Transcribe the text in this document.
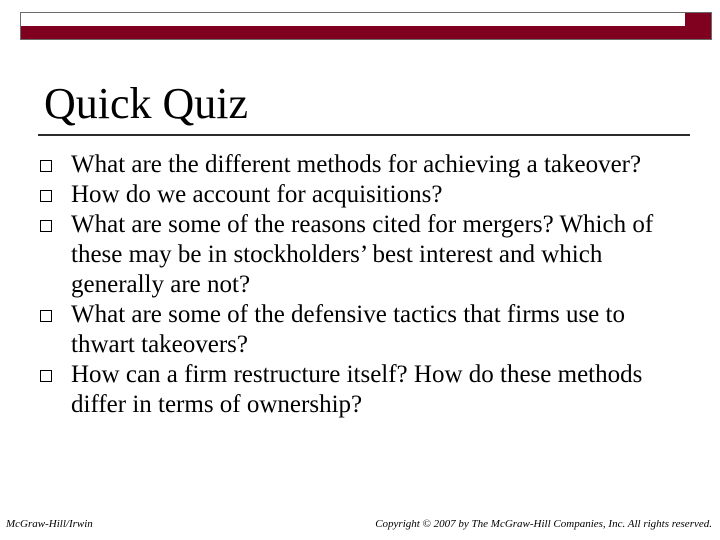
Quick Quiz
What are the different methods for achieving a takeover?
How do we account for acquisitions?
What are some of the reasons cited for mergers? Which of these may be in stockholders’ best interest and which generally are not?
What are some of the defensive tactics that firms use to thwart takeovers?
How can a firm restructure itself? How do these methods differ in terms of ownership?
McGraw-Hill/Irwin	Copyright © 2007 by The McGraw-Hill Companies, Inc. All rights reserved.
